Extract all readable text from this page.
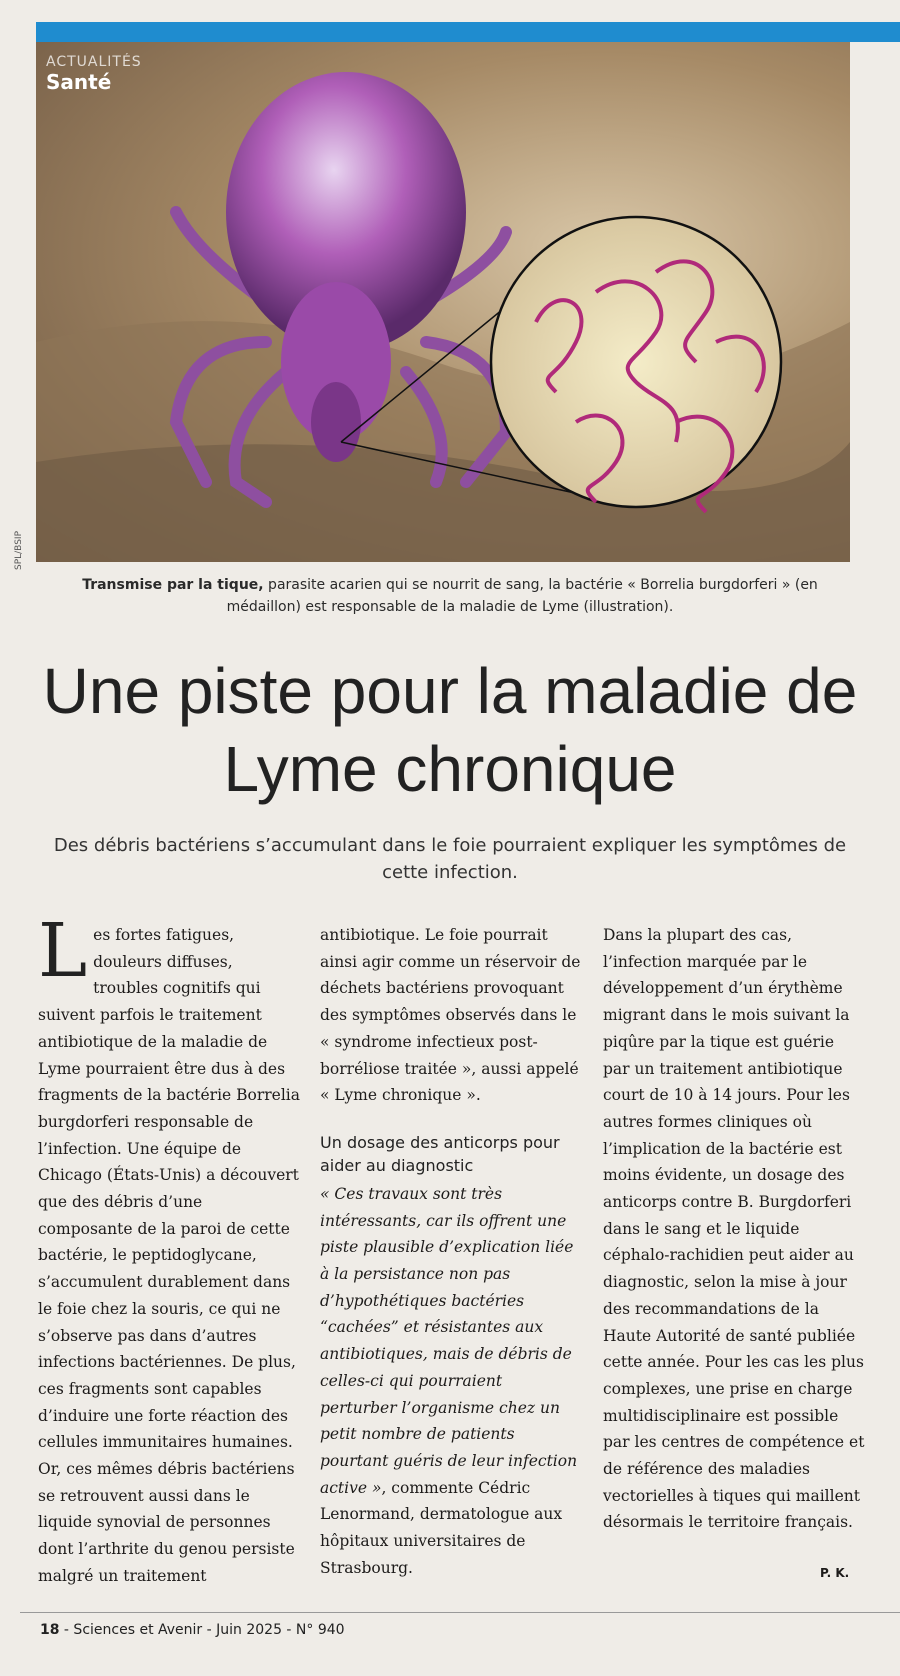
ACTUALITÉS
Santé
SPL/BSIP
Transmise par la tique, parasite acarien qui se nourrit de sang, la bactérie « Borrelia burgdorferi » (en médaillon) est responsable de la maladie de Lyme (illustration).
Une piste pour la maladie de Lyme chronique
Des débris bactériens s’accumulant dans le foie pourraient expliquer les symptômes de cette infection.

Les fortes fatigues, douleurs diffuses, troubles cognitifs qui suivent parfois le traitement antibiotique de la maladie de Lyme pourraient être dus à des fragments de la bactérie Borrelia burgdorferi responsable de l’infection. Une équipe de Chicago (États-Unis) a découvert que des débris d’une composante de la paroi de cette bactérie, le peptidoglycane, s’accumulent durablement dans le foie chez la souris, ce qui ne s’observe pas dans d’autres infections bactériennes. De plus, ces fragments sont capables d’induire une forte réaction des cellules immunitaires humaines. Or, ces mêmes débris bactériens se retrouvent aussi dans le liquide synovial de personnes dont l’arthrite du genou persiste malgré un traitement

antibiotique. Le foie pourrait ainsi agir comme un réservoir de déchets bactériens provoquant des symptômes observés dans le « syndrome infectieux post-borréliose traitée », aussi appelé « Lyme chronique ».

Un dosage des anticorps pour aider au diagnostic

« Ces travaux sont très intéressants, car ils offrent une piste plausible d’explication liée à la persistance non pas d’hypothétiques bactéries “cachées” et résistantes aux antibiotiques, mais de débris de celles-ci qui pourraient perturber l’organisme chez un petit nombre de patients pourtant guéris de leur infection active », commente Cédric Lenormand, dermatologue aux hôpitaux universitaires de Strasbourg.

Dans la plupart des cas, l’infection marquée par le développement d’un érythème migrant dans le mois suivant la piqûre par la tique est guérie par un traitement antibiotique court de 10 à 14 jours. Pour les autres formes cliniques où l’implication de la bactérie est moins évidente, un dosage des anticorps contre B. Burgdorferi dans le sang et le liquide céphalo-rachidien peut aider au diagnostic, selon la mise à jour des recommandations de la Haute Autorité de santé publiée cette année. Pour les cas les plus complexes, une prise en charge multidisciplinaire est possible par les centres de compétence et de référence des maladies vectorielles à tiques qui maillent désormais le territoire français.

P. K.
18 - Sciences et Avenir - Juin 2025 - N° 940
